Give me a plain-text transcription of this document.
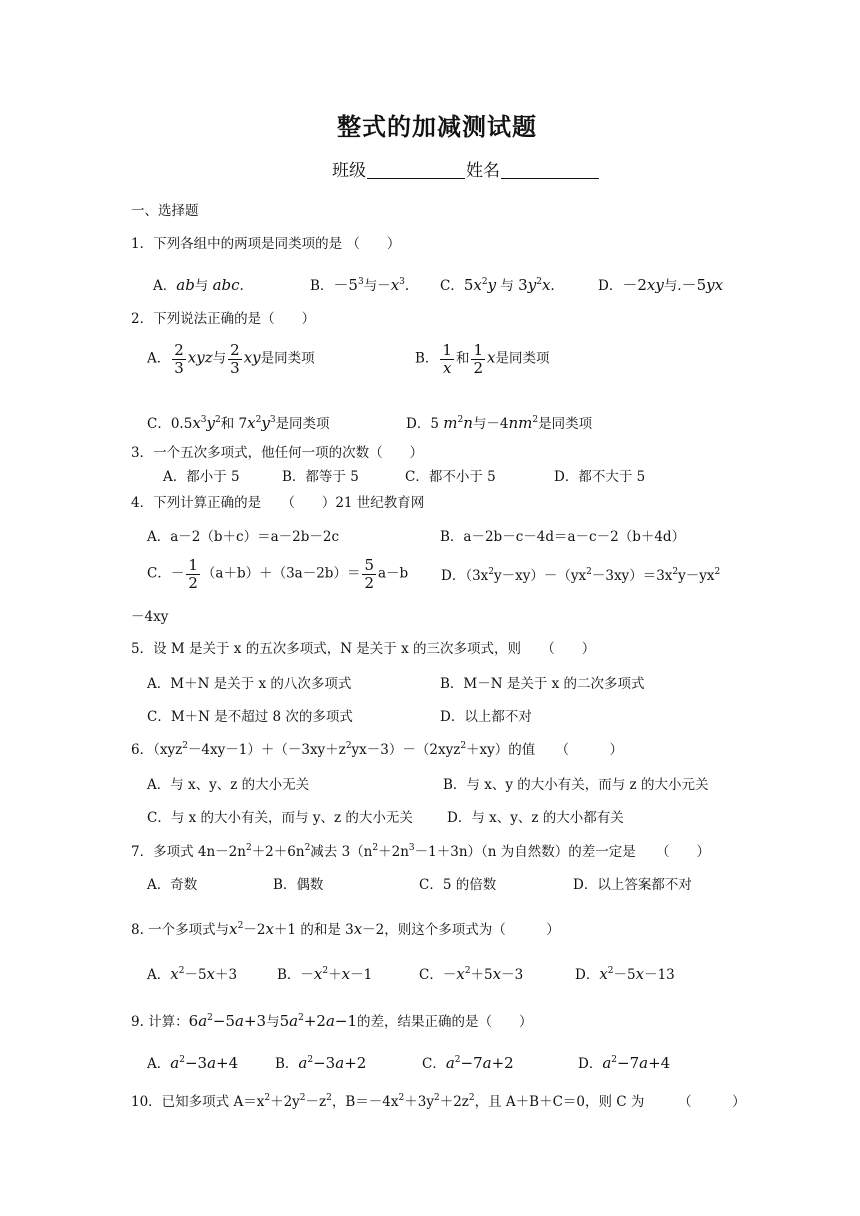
整式的加减测试题
班级	姓名
一、选择题
1．下列各组中的两项是同类项的是 （　　）
A．ab与 abc.	B．$-5^3$与$-x^3$. C．$5x^2y$ 与 $3y^2x$.	D．－2xy与.－5yx
2．下列说法正确的是（　　）
A． $\frac{2}{3}$ xyz与 $\frac{2}{3}$ xy是同类项	B． $\frac{1}{x}$ 和 $\frac{1}{2}$ x是同类项
C．$0.5x^3y^2$和 $7x^2y^3$是同类项	D．5 $m^2n$与$-4nm^2$是同类项
3．一个五次多项式，他任何一项的次数（　　）
A．都小于 5	B．都等于 5	C．都不小于 5	D．都不大于 5
4．下列计算正确的是　　（　　）21 世纪教育网
A．a－2（b＋c）＝a－2b－2c	B．a－2b－c－4d＝a－c－2（b＋4d）
C．－ $\frac{1}{2} (a+b)+(3a-2b)= \frac{5}{2} a-b$ D．$(3x^2y-xy)-(yx^2-3xy)=3x^2y-yx^2$
－4xy
5．设 M 是关于 x 的五次多项式，N 是关于 x 的三次多项式，则　　（　　）
A．M＋N 是关于 x 的八次多项式	B．M－N 是关于 x 的二次多项式
C．M＋N 是不超过 8 次的多项式	D．以上都不对
6．$(xyz^2-4xy-1)+(-3xy+z^2yx-3)-(2xyz^2+xy)$的值　　（　　　）
A．与 x、y、z 的大小无关	B．与 x、y 的大小有关，而与 z 的大小元关
C．与 x 的大小有关，而与 y、z 的大小无关	D．与 x、y、z 的大小都有关
7．多项式 $4n-2n^2+2+6n^2$减去 $3(n^2+2n^3-1+3n)(n$ 为自然数）的差一定是　　（　　）
A．奇数	B．偶数	C．5 的倍数	D．以上答案都不对
8. 一个多项式与$x^2-2x+1$ 的和是 3x－2，则这个多项式为（　　　）
A．$x^2-5x+3$	B．$-x^2+x-1$	C．$-x^2+5x-3$	D．$x^2-5x-13$
9. 计算：$6a^2-5a+3$与$5a^2+2a-1$的差，结果正确的是（　　）
A．$a^2-3a+4$	B．$a^2-3a+2$	C．$a^2-7a+2$	D．$a^2-7a+4$
10．已知多项式 $A=x^2+2y^2-z^2$，$B=-4x^2+3y^2+2z^2$，且 A＋B＋C＝0，则 C 为　　　（　　　）
